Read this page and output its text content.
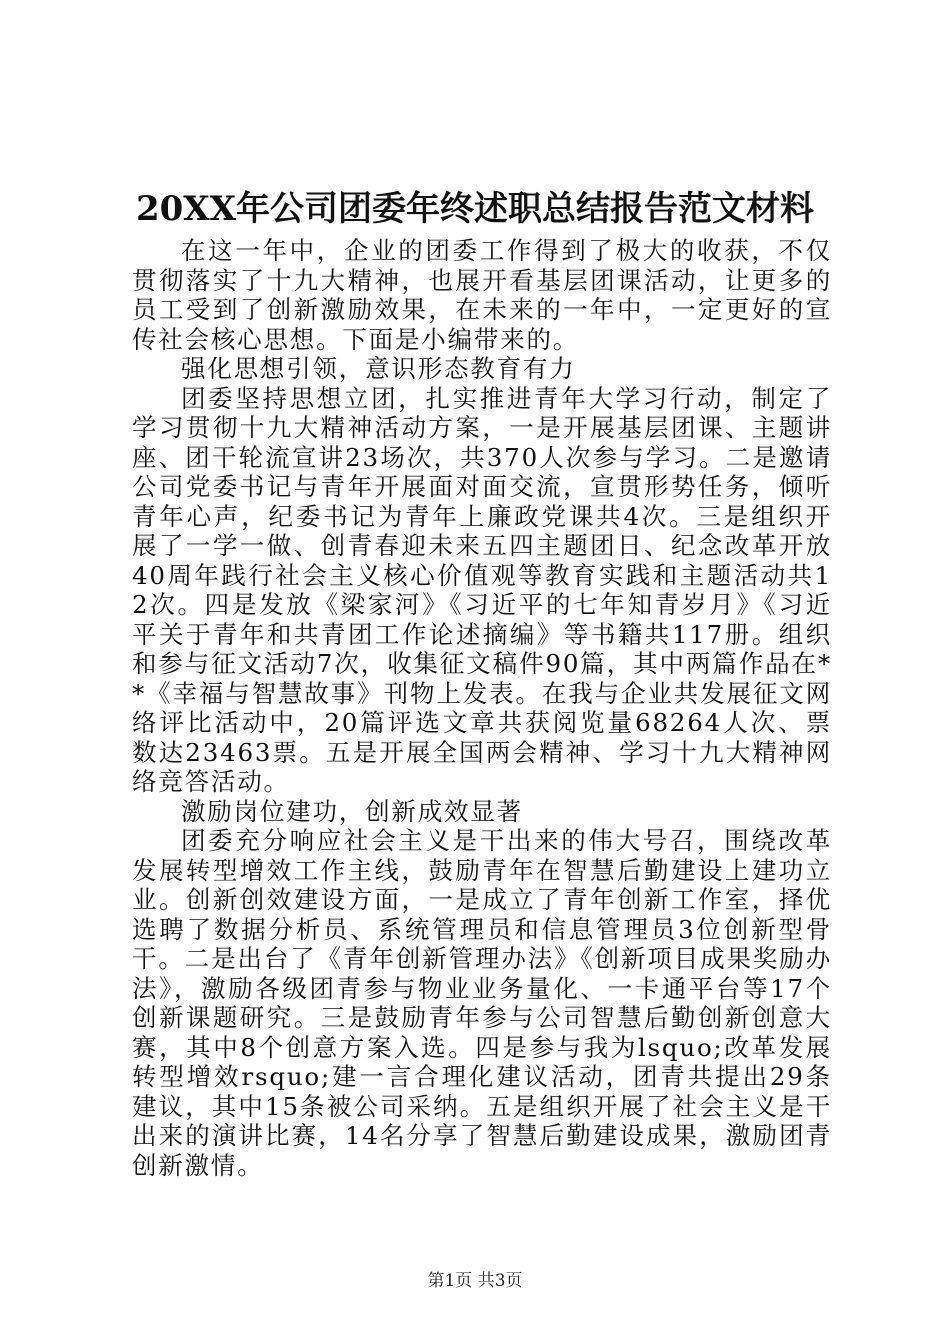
20XX年公司团委年终述职总结报告范文材料

在这一年中，企业的团委工作得到了极大的收获，不仅贯彻落实了十九大精神，也展开看基层团课活动，让更多的员工受到了创新激励效果，在未来的一年中，一定更好的宣传社会核心思想。下面是小编带来的。

强化思想引领，意识形态教育有力

团委坚持思想立团，扎实推进青年大学习行动，制定了学习贯彻十九大精神活动方案，一是开展基层团课、主题讲座、团干轮流宣讲23场次，共370人次参与学习。二是邀请公司党委书记与青年开展面对面交流，宣贯形势任务，倾听青年心声，纪委书记为青年上廉政党课共4次。三是组织开展了一学一做、创青春迎未来五四主题团日、纪念改革开放40周年践行社会主义核心价值观等教育实践和主题活动共12次。四是发放《梁家河》《习近平的七年知青岁月》《习近平关于青年和共青团工作论述摘编》等书籍共117册。组织和参与征文活动7次，收集征文稿件90篇，其中两篇作品在**《幸福与智慧故事》刊物上发表。在我与企业共发展征文网络评比活动中，20篇评选文章共获阅览量68264人次、票数达23463票。五是开展全国两会精神、学习十九大精神网络竞答活动。

激励岗位建功，创新成效显著

团委充分响应社会主义是干出来的伟大号召，围绕改革发展转型增效工作主线，鼓励青年在智慧后勤建设上建功立业。创新创效建设方面，一是成立了青年创新工作室，择优选聘了数据分析员、系统管理员和信息管理员3位创新型骨干。二是出台了《青年创新管理办法》《创新项目成果奖励办法》，激励各级团青参与物业业务量化、一卡通平台等17个创新课题研究。三是鼓励青年参与公司智慧后勤创新创意大赛，其中8个创意方案入选。四是参与我为lsquo;改革发展转型增效rsquo;建一言合理化建议活动，团青共提出29条建议，其中15条被公司采纳。五是组织开展了社会主义是干出来的演讲比赛，14名分享了智慧后勤建设成果，激励团青创新激情。

第1页 共3页
